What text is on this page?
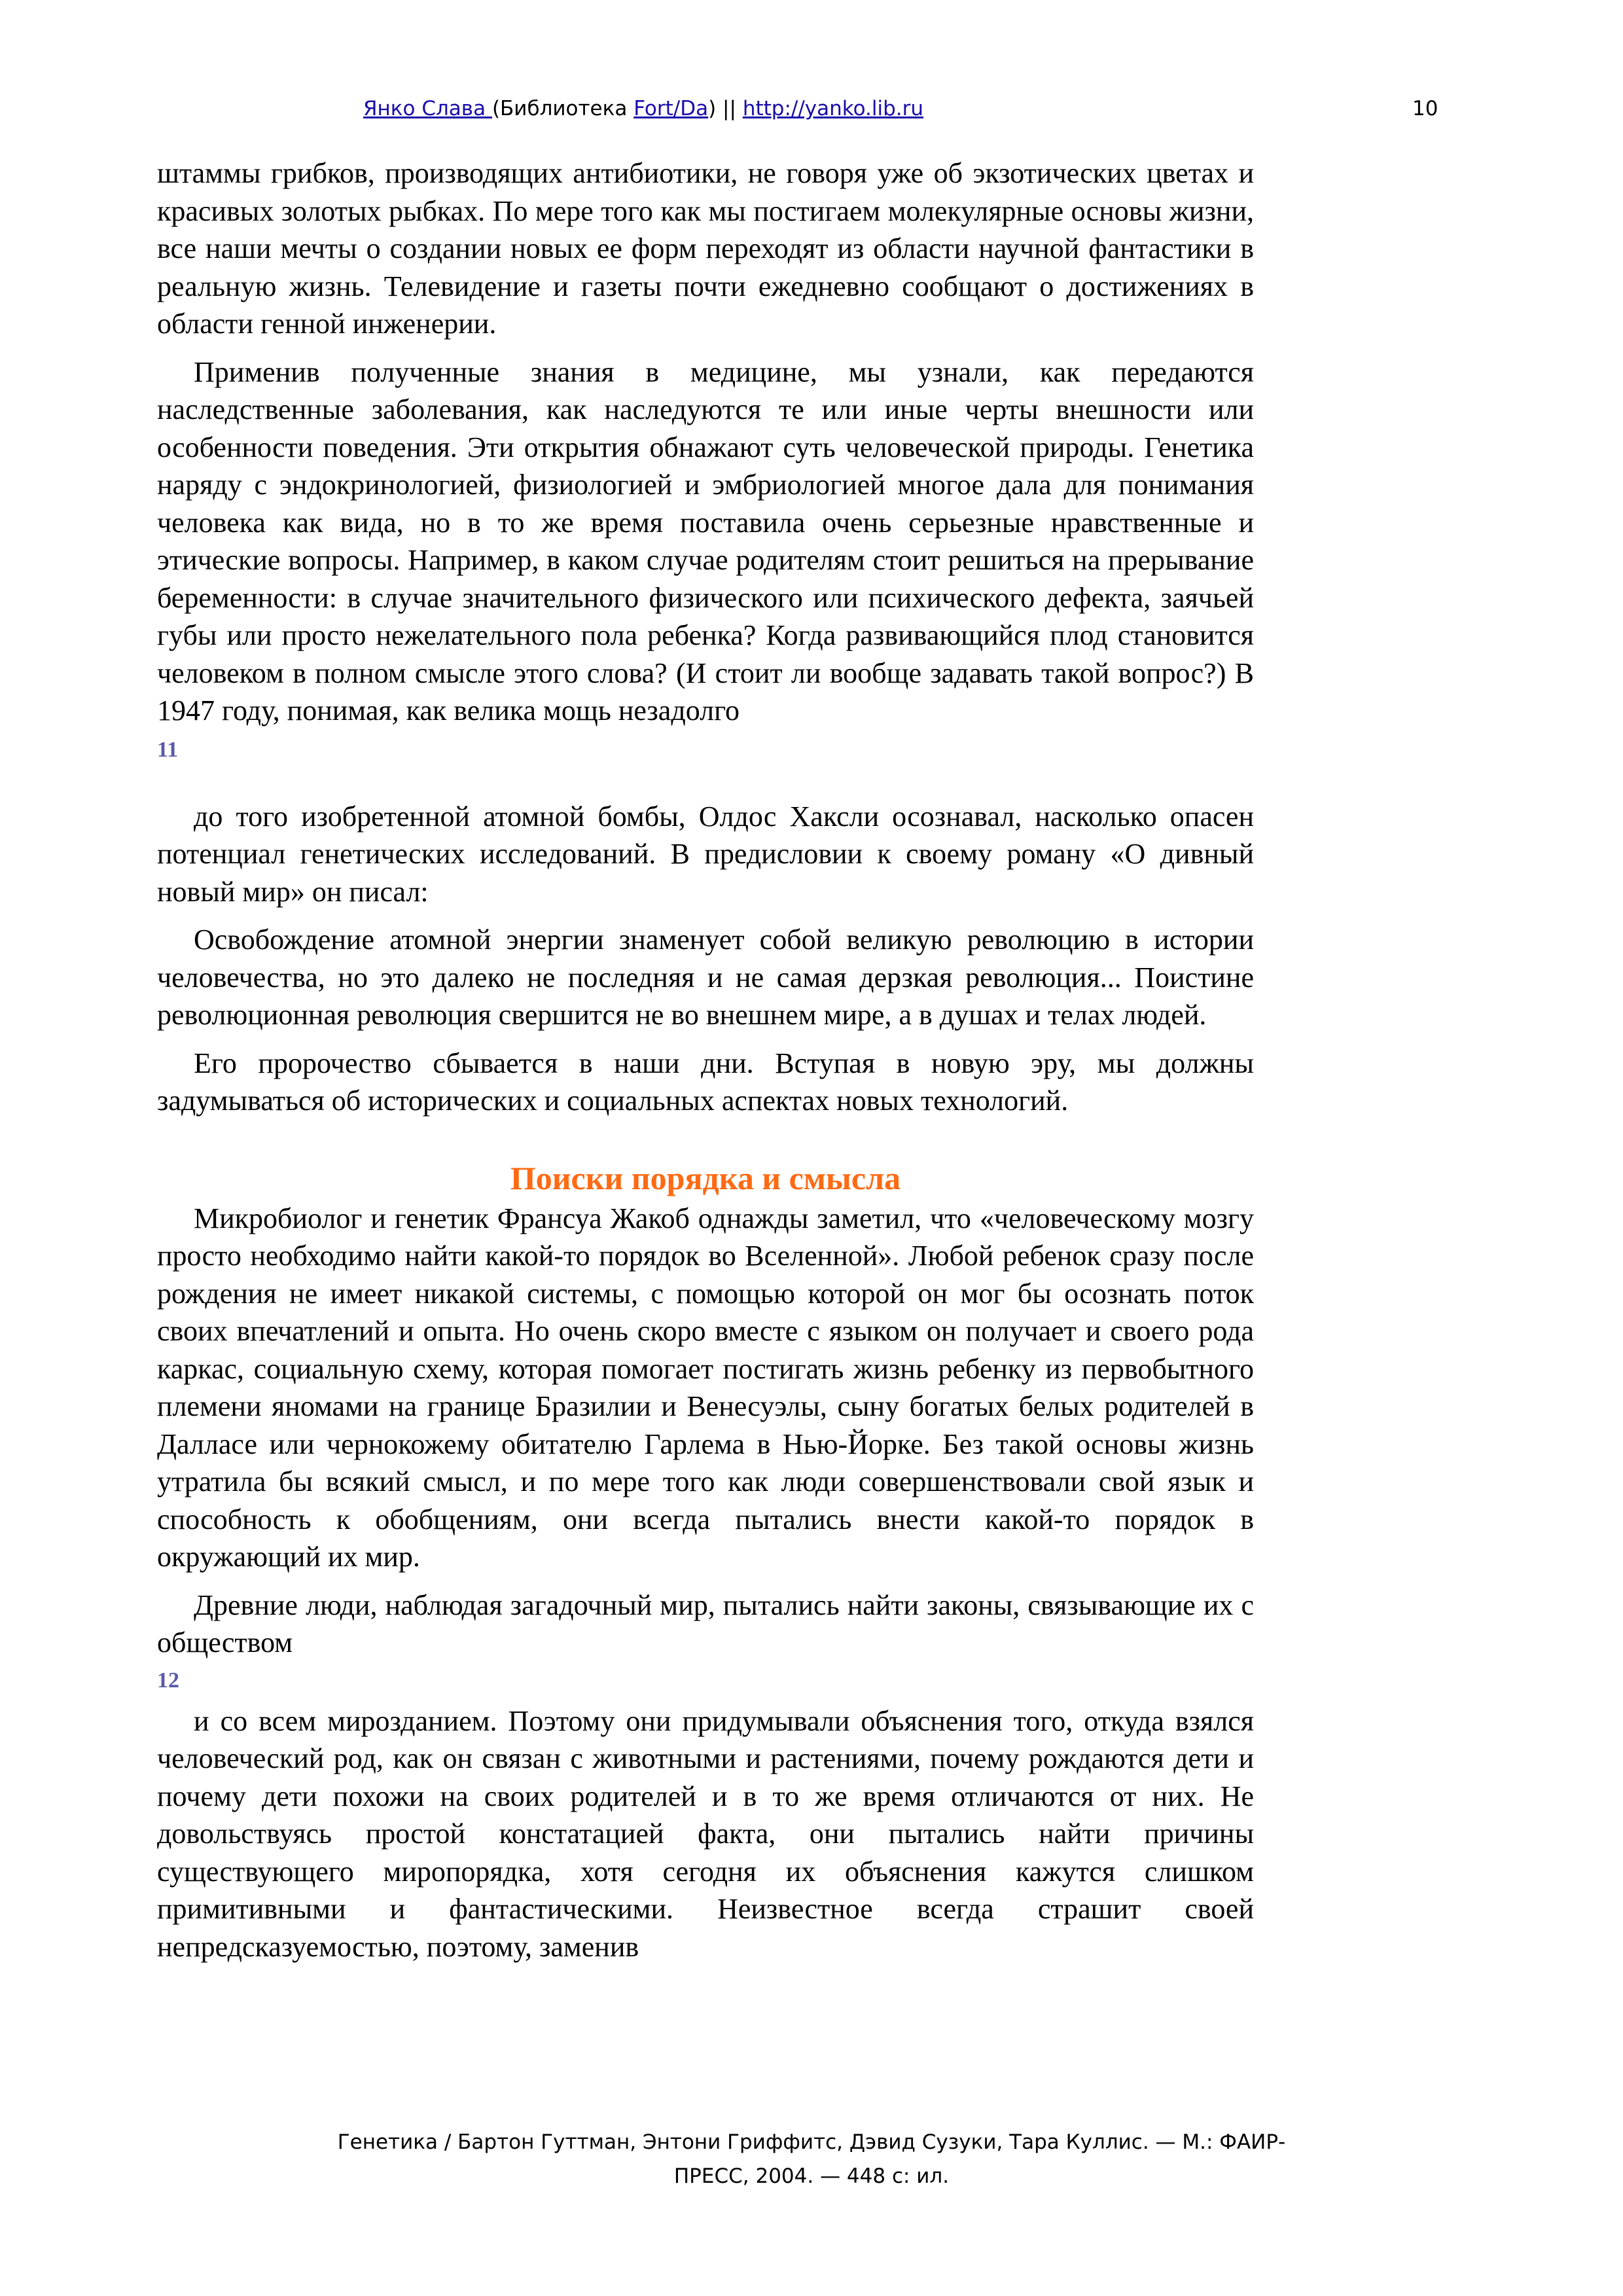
Янко Слава (Библиотека Fort/Da) || http://yanko.lib.ru	10

штаммы грибков, производящих антибиотики, не говоря уже об экзотических цветах и красивых золотых рыбках. По мере того как мы постигаем молекулярные основы жизни, все наши мечты о создании новых ее форм переходят из области научной фантастики в реальную жизнь. Телевидение и газеты почти ежедневно сообщают о достижениях в области генной инженерии.

Применив полученные знания в медицине, мы узнали, как передаются наследственные заболевания, как наследуются те или иные черты внешности или особенности поведения. Эти открытия обнажают суть человеческой природы. Генетика наряду с эндокринологией, физиологией и эмбриологией многое дала для понимания человека как вида, но в то же время поставила очень серьезные нравственные и этические вопросы. Например, в каком случае родителям стоит решиться на прерывание беременности: в случае значительного физического или психического дефекта, заячьей губы или просто нежелательного пола ребенка? Когда развивающийся плод становится человеком в полном смысле этого слова? (И стоит ли вообще задавать такой вопрос?) В 1947 году, понимая, как велика мощь незадолго

11

до того изобретенной атомной бомбы, Олдос Хаксли осознавал, насколько опасен потенциал генетических исследований. В предисловии к своему роману «О дивный новый мир» он писал:

Освобождение атомной энергии знаменует собой великую революцию в истории человечества, но это далеко не последняя и не самая дерзкая революция... Поистине революционная революция свершится не во внешнем мире, а в душах и телах людей.

Его пророчество сбывается в наши дни. Вступая в новую эру, мы должны задумываться об исторических и социальных аспектах новых технологий.

Поиски порядка и смысла

Микробиолог и генетик Франсуа Жакоб однажды заметил, что «человеческому мозгу просто необходимо найти какой-то порядок во Вселенной». Любой ребенок сразу после рождения не имеет никакой системы, с помощью которой он мог бы осознать поток своих впечатлений и опыта. Но очень скоро вместе с языком он получает и своего рода каркас, социальную схему, которая помогает постигать жизнь ребенку из первобытного племени яномами на границе Бразилии и Венесуэлы, сыну богатых белых родителей в Далласе или чернокожему обитателю Гарлема в Нью-Йорке. Без такой основы жизнь утратила бы всякий смысл, и по мере того как люди совершенствовали свой язык и способность к обобщениям, они всегда пытались внести какой-то порядок в окружающий их мир.

Древние люди, наблюдая загадочный мир, пытались найти законы, связывающие их с обществом

12

и со всем мирозданием. Поэтому они придумывали объяснения того, откуда взялся человеческий род, как он связан с животными и растениями, почему рождаются дети и почему дети похожи на своих родителей и в то же время отличаются от них. Не довольствуясь простой констатацией факта, они пытались найти причины существующего миропорядка, хотя сегодня их объяснения кажутся слишком примитивными и фантастическими. Неизвестное всегда страшит своей непредсказуемостью, поэтому, заменив

Генетика / Бартон Гуттман, Энтони Гриффитс, Дэвид Сузуки, Тара Куллис. — М.: ФАИР-
ПРЕСС, 2004. — 448 с: ил.
